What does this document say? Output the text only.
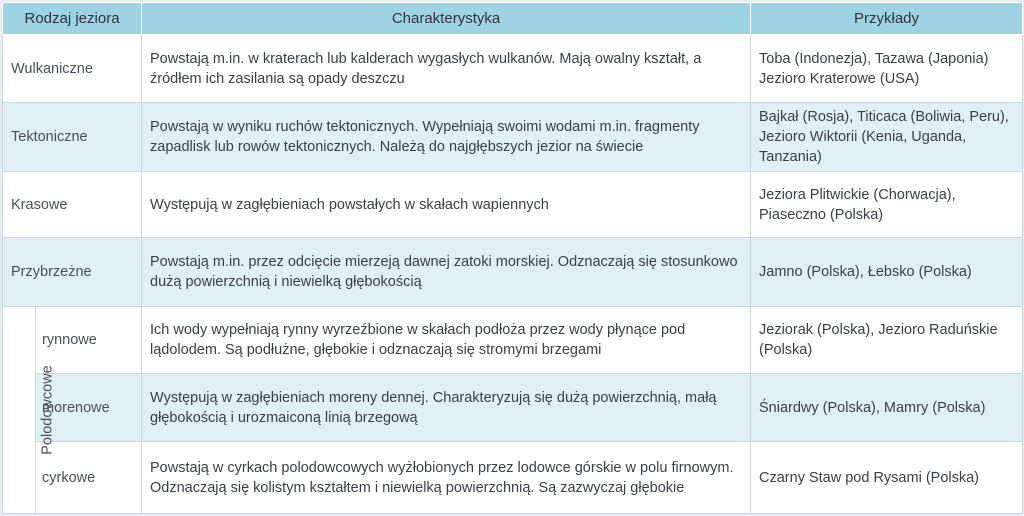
Rodzaj jeziora		Charakterystyka	Przykłady
Wulkaniczne		Powstają m.in. w kraterach lub kalderach wygasłych wulkanów. Mają owalny kształt, a źródłem ich zasilania są opady deszczu	Toba (Indonezja), Tazawa (Japonia) Jezioro Kraterowe (USA)
Tektoniczne		Powstają w wyniku ruchów tektonicznych. Wypełniają swoimi wodami m.in. fragmenty zapadlisk lub rowów tektonicznych. Należą do najgłębszych jezior na świecie	Bajkał (Rosja), Titicaca (Boliwia, Peru), Jezioro Wiktorii (Kenia, Uganda, Tanzania)
Krasowe		Występują w zagłębieniach powstałych w skałach wapiennych	Jeziora Plitwickie (Chorwacja), Piaseczno (Polska)
Przybrzeżne		Powstają m.in. przez odcięcie mierzeją dawnej zatoki morskiej. Odznaczają się stosunkowo dużą powierzchnią i niewielką głębokością	Jamno (Polska), Łebsko (Polska)
Polodowcowe	rynnowe	Ich wody wypełniają rynny wyrzeźbione w skałach podłoża przez wody płynące pod lądolodem. Są podłużne, głębokie i odznaczają się stromymi brzegami	Jeziorak (Polska), Jezioro Raduńskie (Polska)
	morenowe	Występują w zagłębieniach moreny dennej. Charakteryzują się dużą powierzchnią, małą głębokością i urozmaiconą linią brzegową	Śniardwy (Polska), Mamry (Polska)
	cyrkowe	Powstają w cyrkach polodowcowych wyżłobionych przez lodowce górskie w polu firnowym. Odznaczają się kolistym kształtem i niewielką powierzchnią. Są zazwyczaj głębokie	Czarny Staw pod Rysami (Polska)
